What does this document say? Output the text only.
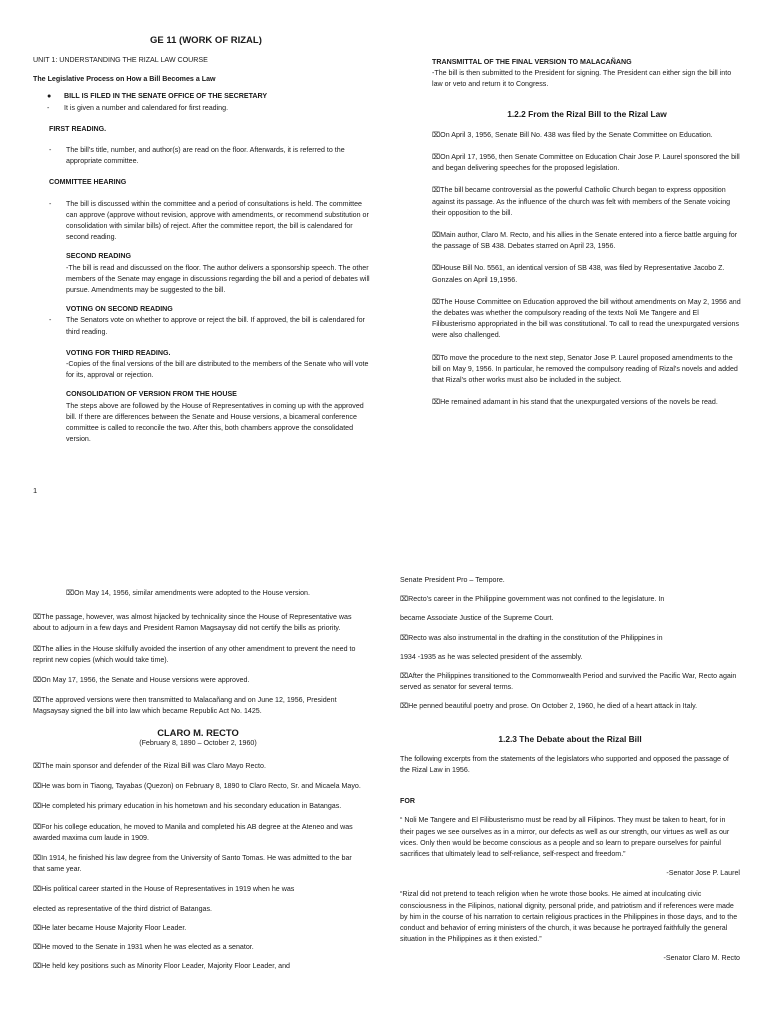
GE 11 (WORK OF RIZAL)

UNIT 1: UNDERSTANDING THE RIZAL LAW COURSE

The Legislative Process on How a Bill Becomes a Law

●	BILL IS FILED IN THE SENATE OFFICE OF THE SECRETARY
-	It is given a number and calendared for first reading.

FIRST READING.

-	The bill’s title, number, and author(s) are read on the floor. Afterwards, it is referred to the appropriate committee.

COMMITTEE HEARING

-	The bill is discussed within the committee and a period of consultations is held. The committee can approve (approve without revision, approve with amendments, or recommend substitution or consolidation with similar bills) of reject. After the committee report, the bill is calendared for second reading.

SECOND READING

-The bill is read and discussed on the floor. The author delivers a sponsorship speech. The other members of the Senate may engage in discussions regarding the bill and a period of debates will pursue. Amendments may be suggested to the bill.

VOTING ON SECOND READING

-	The Senators vote on whether to approve or reject the bill. If approved, the bill is calendared for third reading.

VOTING FOR THIRD READING.

-Copies of the final versions of the bill are distributed to the members of the Senate who will vote for its, approval or rejection.

CONSOLIDATION OF VERSION FROM THE HOUSE

The steps above are followed by the House of Representatives in coming up with the approved bill. If there are differences between the Senate and House versions, a bicameral conference committee is called to reconcile the two. After this, both chambers approve the consolidated version.

1

TRANSMITTAL OF THE FINAL VERSION TO MALACAÑANG

-The bill is then submitted to the President for signing. The President can either sign the bill into law or veto and return it to Congress.

1.2.2 From the Rizal Bill to the Rizal Law

⌧On April 3, 1956, Senate Bill No. 438 was filed by the Senate Committee on Education.

⌧On April 17, 1956, then Senate Committee on Education Chair Jose P. Laurel sponsored the bill and began delivering speeches for the proposed legislation.

⌧The bill became controversial as the powerful Catholic Church began to express opposition against its passage. As the influence of the church was felt with members of the Senate voicing their opposition to the bill.

⌧Main author, Claro M. Recto, and his allies in the Senate entered into a fierce battle arguing for the passage of SB 438. Debates starred on April 23, 1956.

⌧House Bill No. 5561, an identical version of SB 438, was filed by Representative Jacobo Z. Gonzales on April 19,1956.

⌧The House Committee on Education approved the bill without amendments on May 2, 1956 and the debates was whether the compulsory reading of the texts Noli Me Tangere and El Filibusterismo appropriated in the bill was constitutional. To call to read the unexpurgated versions were also challenged.

⌧To move the procedure to the next step, Senator Jose P. Laurel proposed amendments to the bill on May 9, 1956. In particular, he removed the compulsory reading of Rizal’s novels and added that Rizal’s other works must also be included in the subject.

⌧He remained adamant in his stand that the unexpurgated versions of the novels be read.

⌧On May 14, 1956, similar amendments were adopted to the House version.

⌧The passage, however, was almost hijacked by technicality since the House of Representative was about to adjourn in a few days and President Ramon Magsaysay did not certify the bills as priority.

⌧The allies in the House skilfully avoided the insertion of any other amendment to prevent the need to reprint new copies (which would take time).

⌧On May 17, 1956, the Senate and House versions were approved.

⌧The approved versions were then transmitted to Malacañang and on June 12, 1956, President Magsaysay signed the bill into law which became Republic Act No. 1425.

CLARO M. RECTO

(February 8, 1890 – October 2, 1960)

⌧The main sponsor and defender of the Rizal Bill was Claro Mayo Recto.

⌧He was born in Tiaong, Tayabas (Quezon) on February 8, 1890 to Claro Recto, Sr. and Micaela Mayo.

⌧He completed his primary education in his hometown and his secondary education in Batangas.

⌧For his college education, he moved to Manila and completed his AB degree at the Ateneo and was awarded maxima cum laude in 1909.

⌧In 1914, he finished his law degree from the University of Santo Tomas. He was admitted to the bar that same year.

⌧His political career started in the House of Representatives in 1919 when he was

elected as representative of the third district of Batangas.

⌧He later became House Majority Floor Leader.

⌧He moved to the Senate in 1931 when he was elected as a senator.

⌧He held key positions such as Minority Floor Leader, Majority Floor Leader, and

Senate President Pro – Tempore.

⌧Recto’s career in the Philippine government was not confined to the legislature. In

became Associate Justice of the Supreme Court.

⌧Recto was also instrumental in the drafting in the constitution of the Philippines in

1934 -1935 as he was selected president of the assembly.

⌧After the Philippines transitioned to the Commonwealth Period and survived the Pacific War, Recto again served as senator for several terms.

⌧He penned beautiful poetry and prose. On October 2, 1960, he died of a heart attack in Italy.

1.2.3 The Debate about the Rizal Bill

The following excerpts from the statements of the legislators who supported and opposed the passage of the Rizal Law in 1956.

FOR

“ Noli Me Tangere and El Filibusterismo must be read by all Filipinos. They must be taken to heart, for in their pages we see ourselves as in a mirror, our defects as well as our strength, our virtues as well as our vices. Only then would be become conscious as a people and so learn to prepare ourselves for painful sacrifices that ultimately lead to self-reliance, self-respect and freedom.”

-Senator Jose P. Laurel

“Rizal did not pretend to teach religion when he wrote those books. He aimed at inculcating civic consciousness in the Filipinos, national dignity, personal pride, and patriotism and if references were made by him in the course of his narration to certain religious practices in the Philippines in those days, and to the conduct and behavior of erring ministers of the church, it was because he portrayed faithfully the general situation in the Philippines as it then existed.”

-Senator Claro M. Recto
